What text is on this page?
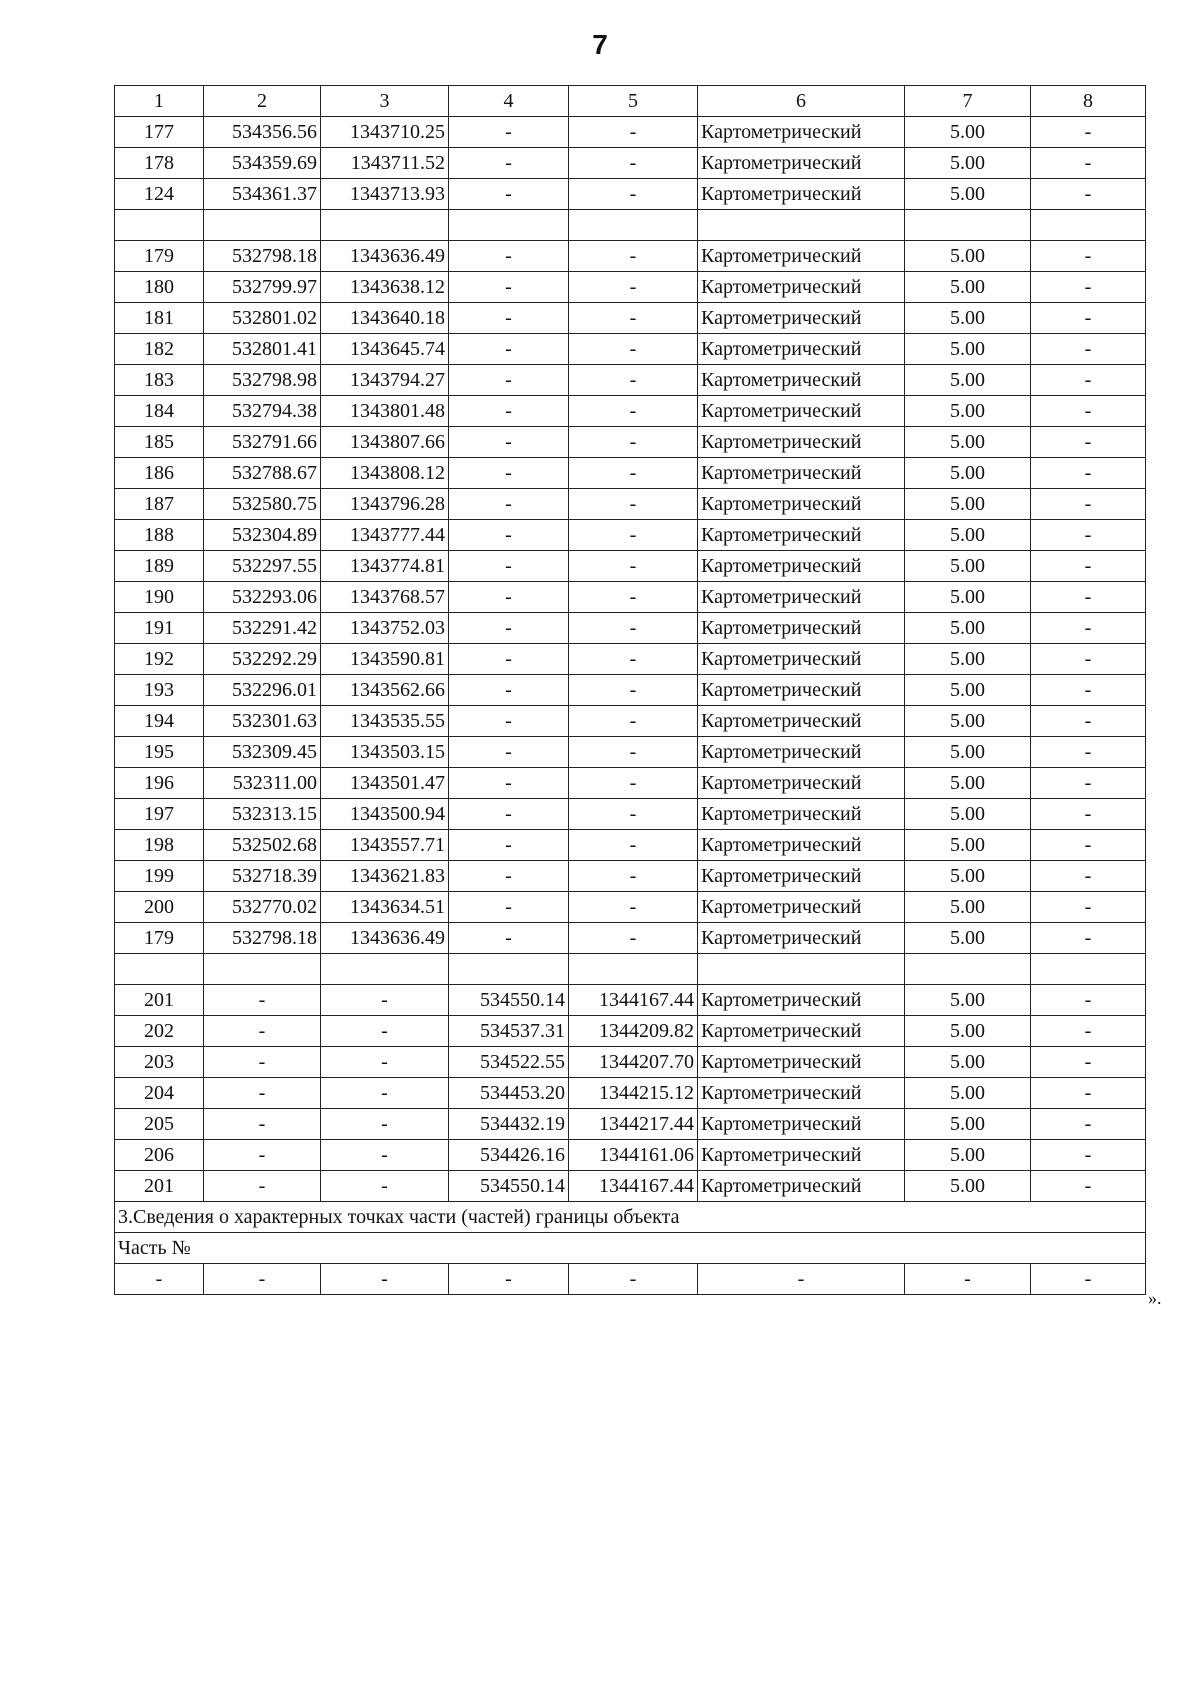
7
1	2	3	4	5	6	7	8
177	534356.56	1343710.25	-	-	Картометрический	5.00	-
178	534359.69	1343711.52	-	-	Картометрический	5.00	-
124	534361.37	1343713.93	-	-	Картометрический	5.00	-

179	532798.18	1343636.49	-	-	Картометрический	5.00	-
180	532799.97	1343638.12	-	-	Картометрический	5.00	-
181	532801.02	1343640.18	-	-	Картометрический	5.00	-
182	532801.41	1343645.74	-	-	Картометрический	5.00	-
183	532798.98	1343794.27	-	-	Картометрический	5.00	-
184	532794.38	1343801.48	-	-	Картометрический	5.00	-
185	532791.66	1343807.66	-	-	Картометрический	5.00	-
186	532788.67	1343808.12	-	-	Картометрический	5.00	-
187	532580.75	1343796.28	-	-	Картометрический	5.00	-
188	532304.89	1343777.44	-	-	Картометрический	5.00	-
189	532297.55	1343774.81	-	-	Картометрический	5.00	-
190	532293.06	1343768.57	-	-	Картометрический	5.00	-
191	532291.42	1343752.03	-	-	Картометрический	5.00	-
192	532292.29	1343590.81	-	-	Картометрический	5.00	-
193	532296.01	1343562.66	-	-	Картометрический	5.00	-
194	532301.63	1343535.55	-	-	Картометрический	5.00	-
195	532309.45	1343503.15	-	-	Картометрический	5.00	-
196	532311.00	1343501.47	-	-	Картометрический	5.00	-
197	532313.15	1343500.94	-	-	Картометрический	5.00	-
198	532502.68	1343557.71	-	-	Картометрический	5.00	-
199	532718.39	1343621.83	-	-	Картометрический	5.00	-
200	532770.02	1343634.51	-	-	Картометрический	5.00	-
179	532798.18	1343636.49	-	-	Картометрический	5.00	-

201	-	-	534550.14	1344167.44	Картометрический	5.00	-
202	-	-	534537.31	1344209.82	Картометрический	5.00	-
203	-	-	534522.55	1344207.70	Картометрический	5.00	-
204	-	-	534453.20	1344215.12	Картометрический	5.00	-
205	-	-	534432.19	1344217.44	Картометрический	5.00	-
206	-	-	534426.16	1344161.06	Картометрический	5.00	-
201	-	-	534550.14	1344167.44	Картометрический	5.00	-
3.Сведения о характерных точках части (частей) границы объекта							
Часть №							
-	-	-	-	-	-	-	-
».
